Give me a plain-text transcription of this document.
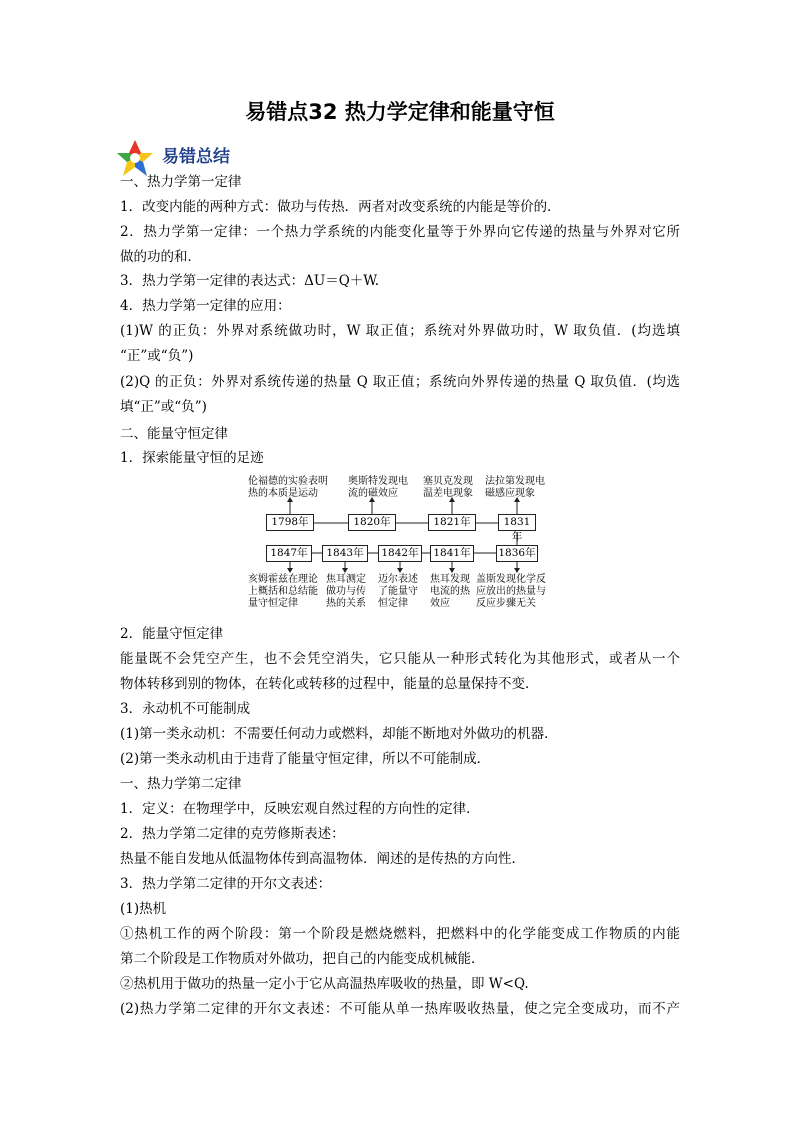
易错点32 热力学定律和能量守恒
易错总结
一、热力学第一定律
1．改变内能的两种方式：做功与传热．两者对改变系统的内能是等价的．
2．热力学第一定律：一个热力学系统的内能变化量等于外界向它传递的热量与外界对它所
做的功的和．
3．热力学第一定律的表达式：ΔU＝Q＋W.
4．热力学第一定律的应用：
(1)W 的正负：外界对系统做功时，W 取正值；系统对外界做功时，W 取负值．(均选填
“正”或“负”)
(2)Q 的正负：外界对系统传递的热量 Q 取正值；系统向外界传递的热量 Q 取负值．(均选
填“正”或“负”)
二、能量守恒定律
1．探索能量守恒的足迹
伦福德的实验表明
热的本质是运动
奥斯特发现电
流的磁效应
塞贝克发现
温差电现象
法拉第发现电
磁感应现象
1798年	1820年	1821年	1831年
1847年	1843年	1842年	1841年	1836年
亥姆霍兹在理论
上概括和总结能
量守恒定律
焦耳测定
做功与传
热的关系
迈尔表述
了能量守
恒定律
焦耳发现
电流的热
效应
盖斯发现化学反
应放出的热量与
反应步骤无关
2．能量守恒定律
能量既不会凭空产生，也不会凭空消失，它只能从一种形式转化为其他形式，或者从一个
物体转移到别的物体，在转化或转移的过程中，能量的总量保持不变．
3．永动机不可能制成
(1)第一类永动机：不需要任何动力或燃料，却能不断地对外做功的机器．
(2)第一类永动机由于违背了能量守恒定律，所以不可能制成．
一、热力学第二定律
1．定义：在物理学中，反映宏观自然过程的方向性的定律．
2．热力学第二定律的克劳修斯表述：
热量不能自发地从低温物体传到高温物体．阐述的是传热的方向性．
3．热力学第二定律的开尔文表述：
(1)热机
①热机工作的两个阶段：第一个阶段是燃烧燃料，把燃料中的化学能变成工作物质的内能
第二个阶段是工作物质对外做功，把自己的内能变成机械能．
②热机用于做功的热量一定小于它从高温热库吸收的热量，即 W<Q.
(2)热力学第二定律的开尔文表述：不可能从单一热库吸收热量，使之完全变成功，而不产
